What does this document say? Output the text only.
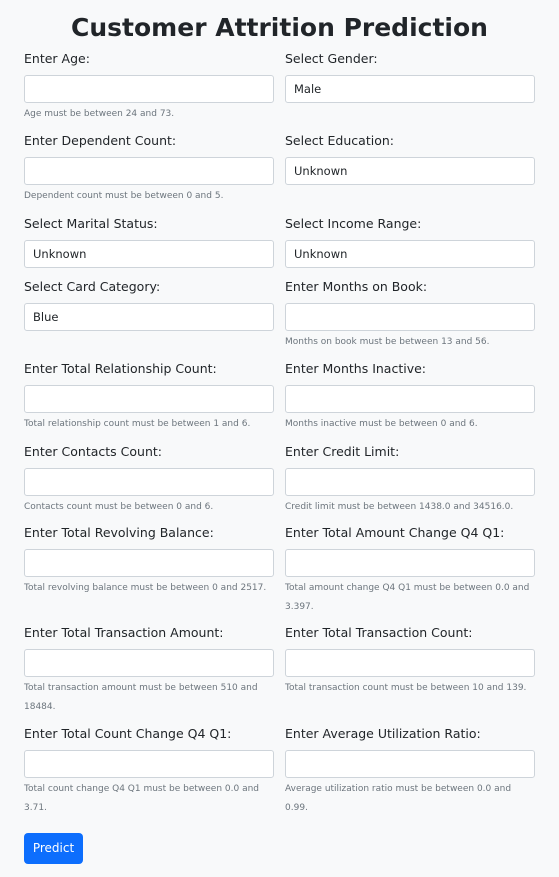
Customer Attrition Prediction
Enter Age:
Age must be between 24 and 73.
Select Gender:
Male
Enter Dependent Count:
Dependent count must be between 0 and 5.
Select Education:
Unknown
Select Marital Status:
Unknown
Select Income Range:
Unknown
Select Card Category:
Blue
Enter Months on Book:
Months on book must be between 13 and 56.
Enter Total Relationship Count:
Total relationship count must be between 1 and 6.
Enter Months Inactive:
Months inactive must be between 0 and 6.
Enter Contacts Count:
Contacts count must be between 0 and 6.
Enter Credit Limit:
Credit limit must be between 1438.0 and 34516.0.
Enter Total Revolving Balance:
Total revolving balance must be between 0 and 2517.
Enter Total Amount Change Q4 Q1:
Total amount change Q4 Q1 must be between 0.0 and 3.397.
Enter Total Transaction Amount:
Total transaction amount must be between 510 and 18484.
Enter Total Transaction Count:
Total transaction count must be between 10 and 139.
Enter Total Count Change Q4 Q1:
Total count change Q4 Q1 must be between 0.0 and 3.71.
Enter Average Utilization Ratio:
Average utilization ratio must be between 0.0 and 0.99.
Predict
